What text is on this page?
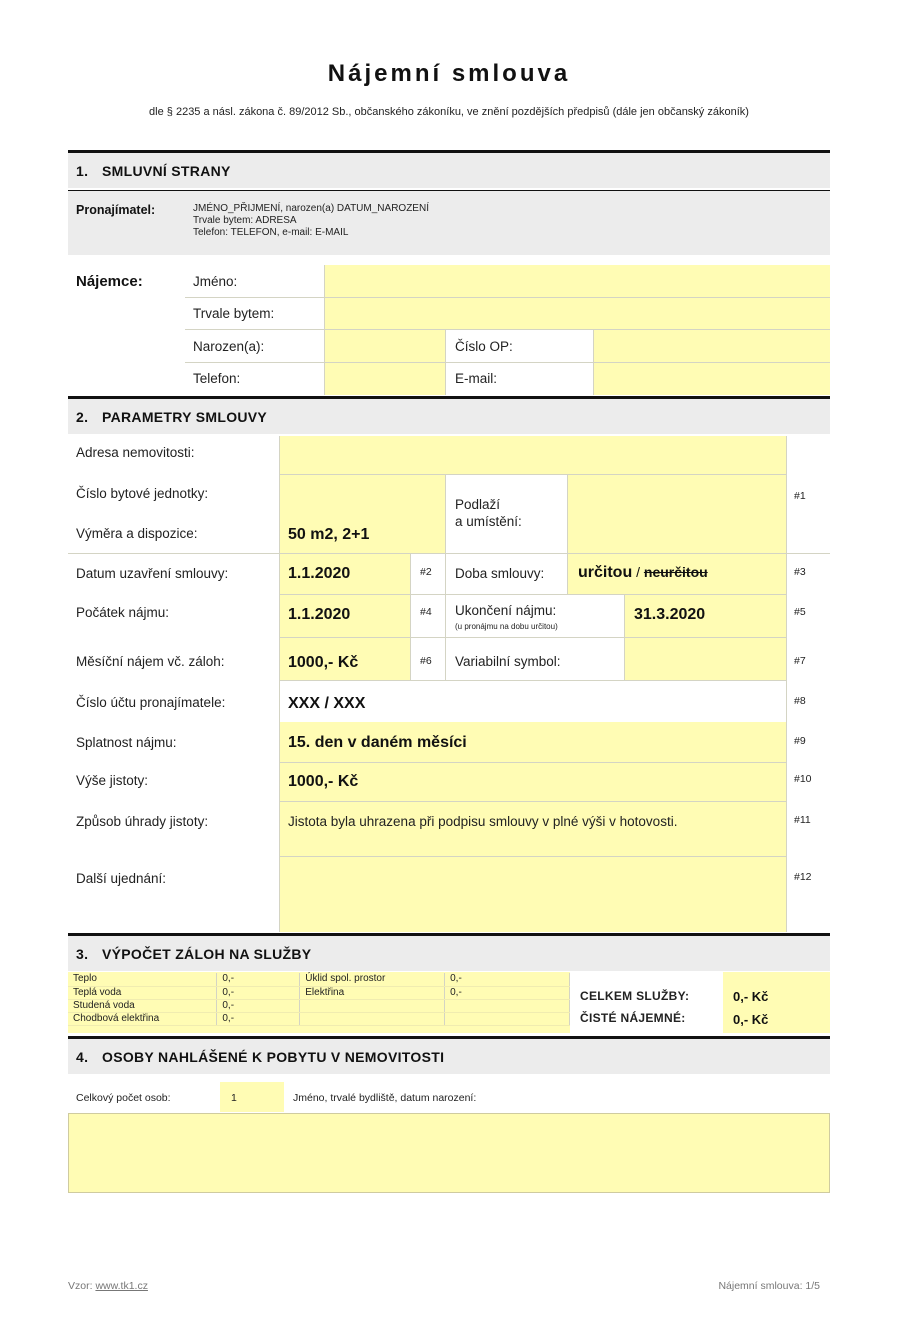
Nájemní smlouva
dle § 2235 a násl. zákona č. 89/2012 Sb., občanského zákoníku, ve znění pozdějších předpisů (dále jen občanský zákoník)
1. SMLUVNÍ STRANY
Pronajímatel:	JMÉNO_PŘIJMENÍ, narozen(a) DATUM_NAROZENÍ
Trvale bytem: ADRESA
Telefon: TELEFON, e-mail: E-MAIL
Nájemce:	Jméno:
Trvale bytem:
Narozen(a):	Číslo OP:
Telefon:	E-mail:
2. PARAMETRY SMLOUVY
Adresa nemovitosti:
Číslo bytové jednotky:
Výměra a dispozice:	50 m2, 2+1
Podlaží
a umístění:
#1
Datum uzavření smlouvy:	1.1.2020	#2 Doba smlouvy: určitou / neurčitou	#3
Počátek nájmu:	1.1.2020	#4 Ukončení nájmu:
(u pronájmu na dobu určitou)
31.3.2020	#5
Měsíční nájem vč. záloh:	1000,- Kč	#6 Variabilní symbol:	#7
Číslo účtu pronajímatele:	XXX / XXX	#8
Splatnost nájmu:	15. den v daném měsíci	#9
Výše jistoty:	1000,- Kč	#10
Způsob úhrady jistoty:	Jistota byla uhrazena při podpisu smlouvy v plné výši v hotovosti.	#11
Další ujednání:	#12
3. VÝPOČET ZÁLOH NA SLUŽBY
Teplo	0,-	Úklid spol. prostor	0,-
Teplá voda	0,-	Elektřina	0,-
Studená voda	0,-		
Chodbová elektřina	0,-		
CELKEM SLUŽBY:	0,- Kč
ČISTÉ NÁJEMNÉ:	0,- Kč
4. OSOBY NAHLÁŠENÉ K POBYTU V NEMOVITOSTI
Celkový počet osob:	1	Jméno, trvalé bydliště, datum narození:
Vzor: www.tk1.cz	Nájemní smlouva: 1/5
